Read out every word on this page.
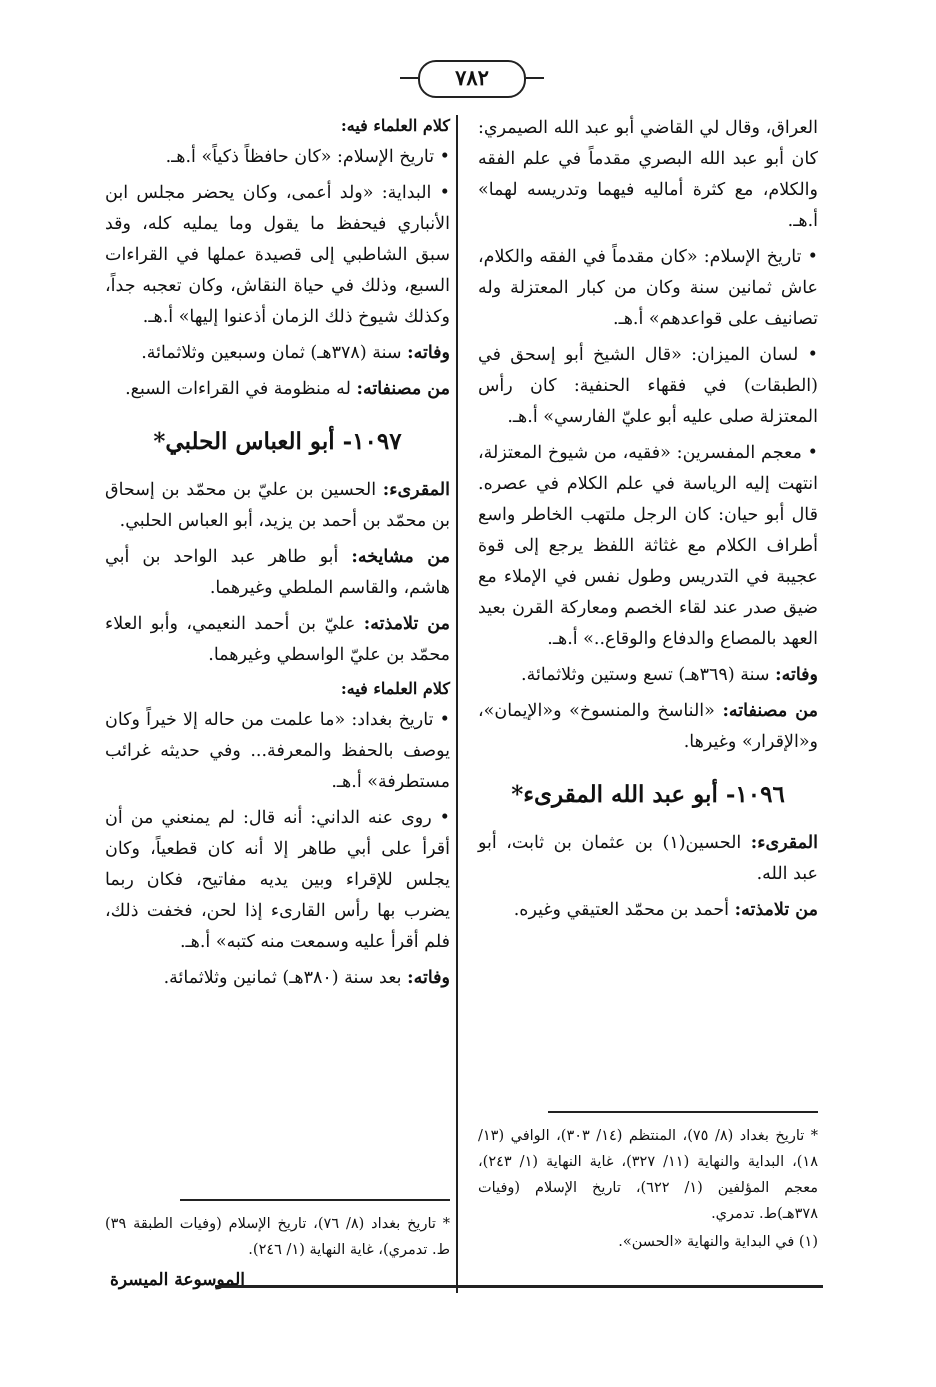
٧٨٢

العراق، وقال لي القاضي أبو عبد الله الصيمري: كان أبو عبد الله البصري مقدماً في علم الفقه والكلام، مع كثرة أماليه فيهما وتدريسه لهما» أ.هـ.

• تاريخ الإسلام: «كان مقدماً في الفقه والكلام، عاش ثمانين سنة وكان من كبار المعتزلة وله تصانيف على قواعدهم» أ.هـ.

• لسان الميزان: «قال الشيخ أبو إسحق في (الطبقات) في فقهاء الحنفية: كان رأس المعتزلة صلى عليه أبو عليّ الفارسي» أ.هـ.

• معجم المفسرين: «فقيه، من شيوخ المعتزلة، انتهت إليه الرياسة في علم الكلام في عصره. قال أبو حيان: كان الرجل ملتهب الخاطر واسع أطراف الكلام مع غثاثة اللفظ يرجع إلى قوة عجيبة في التدريس وطول نفس في الإملاء مع ضيق صدر عند لقاء الخصم ومعاركة القرن بعيد العهد بالمصاع والدفاع والوقاع..» أ.هـ.

وفاته: سنة (٣٦٩هـ) تسع وستين وثلاثمائة.

من مصنفاته: «الناسخ والمنسوخ» و«الإيمان»، و«الإقرار» وغيرها.

١٠٩٦- أبو عبد الله المقرىء*

المقرىء: الحسين(١) بن عثمان بن ثابت، أبو عبد الله.

من تلامذته: أحمد بن محمّد العتيقي وغيره.

* تاريخ بغداد (٨/ ٧٥)، المنتظم (١٤/ ٣٠٣)، الوافي (١٣/ ١٨)، البداية والنهاية (١١/ ٣٢٧)، غاية النهاية (١/ ٢٤٣)، معجم المؤلفين (١/ ٦٢٢)، تاريخ الإسلام (وفيات ٣٧٨هـ)ط. تدمري.

(١) في البداية والنهاية «الحسن».

كلام العلماء فيه:

• تاريخ الإسلام: «كان حافظاً ذكياً» أ.هـ.

• البداية: «ولد أعمى، وكان يحضر مجلس ابن الأنباري فيحفظ ما يقول وما يمليه كله، وقد سبق الشاطبي إلى قصيدة عملها في القراءات السبع، وذلك في حياة النقاش، وكان تعجبه جداً، وكذلك شيوخ ذلك الزمان أذعنوا إليها» أ.هـ.

وفاته: سنة (٣٧٨هـ) ثمان وسبعين وثلاثمائة.

من مصنفاته: له منظومة في القراءات السبع.

١٠٩٧- أبو العباس الحلبي*

المقرىء: الحسين بن عليّ بن محمّد بن إسحاق بن محمّد بن أحمد بن يزيد، أبو العباس الحلبي.

من مشايخه: أبو طاهر عبد الواحد بن أبي هاشم، والقاسم الملطي وغيرهما.

من تلامذته: عليّ بن أحمد النعيمي، وأبو العلاء محمّد بن عليّ الواسطي وغيرهما.

كلام العلماء فيه:

• تاريخ بغداد: «ما علمت من حاله إلا خيراً وكان يوصف بالحفظ والمعرفة... وفي حديثه غرائب مستطرفة» أ.هـ.

• روى عنه الداني: أنه قال: لم يمنعني من أن أقرأ على أبي طاهر إلا أنه كان قطعياً، وكان يجلس للإقراء وبين يديه مفاتيح، فكان ربما يضرب بها رأس القارىء إذا لحن، فخفت ذلك، فلم أقرأ عليه وسمعت منه كتبه» أ.هـ.

وفاته: بعد سنة (٣٨٠هـ) ثمانين وثلاثمائة.

* تاريخ بغداد (٨/ ٧٦)، تاريخ الإسلام (وفيات الطبقة ٣٩) ط. تدمري)، غاية النهاية (١/ ٢٤٦).

الموسوعة الميسرة
